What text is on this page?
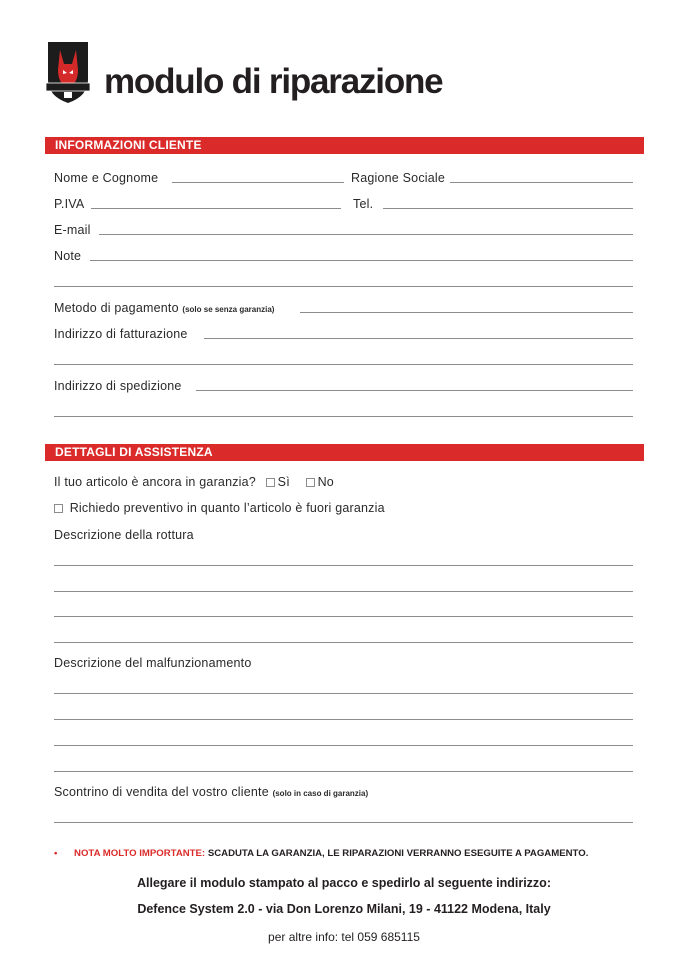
modulo di riparazione
INFORMAZIONI CLIENTE
Nome e Cognome	Ragione Sociale
P.IVA	Tel.
E-mail
Note
Metodo di pagamento (solo se senza garanzia)
Indirizzo di fatturazione
Indirizzo di spedizione
DETTAGLI DI ASSISTENZA
Il tuo articolo è ancora in garanzia? Sì No
Richiedo preventivo in quanto l’articolo è fuori garanzia
Descrizione della rottura
Descrizione del malfunzionamento
Scontrino di vendita del vostro cliente (solo in caso di garanzia)
• NOTA MOLTO IMPORTANTE: SCADUTA LA GARANZIA, LE RIPARAZIONI VERRANNO ESEGUITE A PAGAMENTO.
Allegare il modulo stampato al pacco e spedirlo al seguente indirizzo:
Defence System 2.0 - via Don Lorenzo Milani, 19 - 41122 Modena, Italy
per altre info: tel 059 685115
